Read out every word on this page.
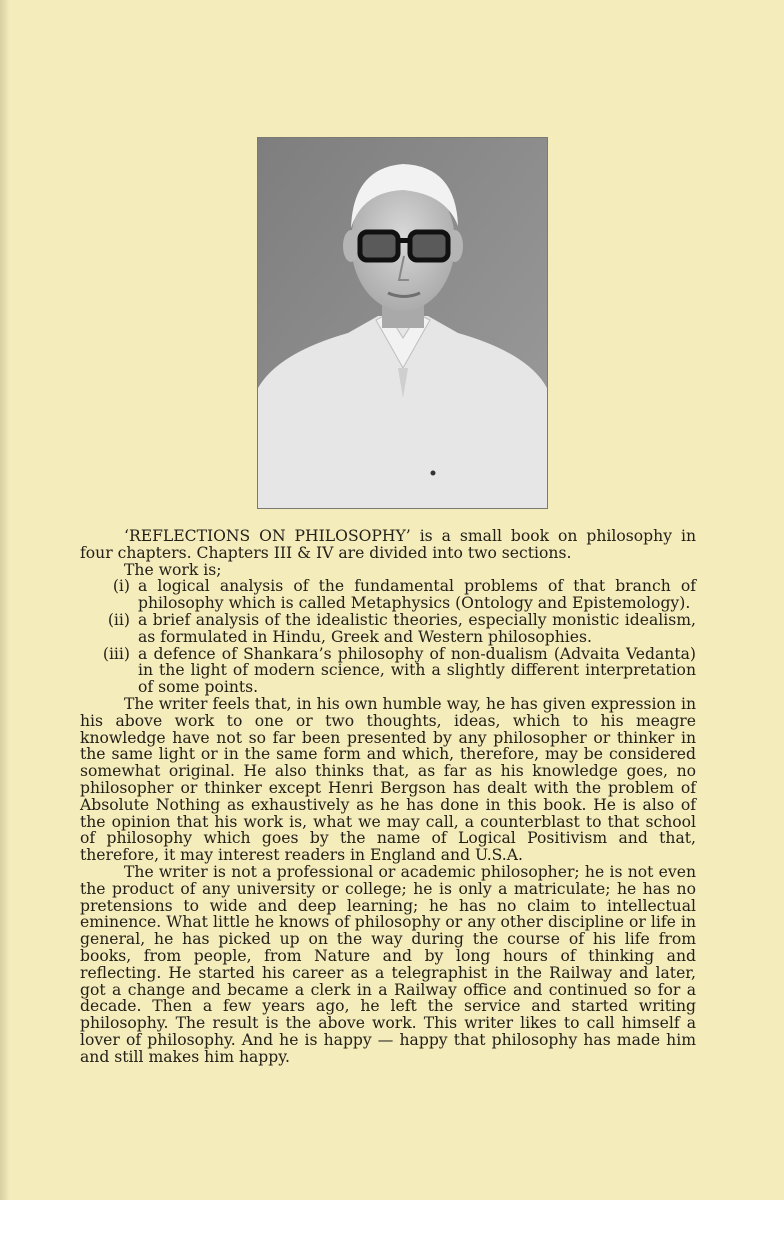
‘REFLECTIONS ON PHILOSOPHY’ is a small book on philosophy in four chapters. Chapters III & IV are divided into two sections.

The work is;

(i) a logical analysis of the fundamental problems of that branch of philosophy which is called Metaphysics (Ontology and Epistemology).
(ii) a brief analysis of the idealistic theories, especially monistic idealism, as formulated in Hindu, Greek and Western philosophies.
(iii) a defence of Shankara’s philosophy of non-dualism (Advaita Vedanta) in the light of modern science, with a slightly different interpretation of some points.

The writer feels that, in his own humble way, he has given expression in his above work to one or two thoughts, ideas, which to his meagre knowledge have not so far been presented by any philosopher or thinker in the same light or in the same form and which, therefore, may be considered somewhat original. He also thinks that, as far as his knowledge goes, no philosopher or thinker except Henri Bergson has dealt with the problem of Absolute Nothing as exhaustively as he has done in this book. He is also of the opinion that his work is, what we may call, a counterblast to that school of philosophy which goes by the name of Logical Positivism and that, therefore, it may interest readers in England and U.S.A.

The writer is not a professional or academic philosopher; he is not even the product of any university or college; he is only a matriculate; he has no pretensions to wide and deep learning; he has no claim to intellectual eminence. What little he knows of philosophy or any other discipline or life in general, he has picked up on the way during the course of his life from books, from people, from Nature and by long hours of thinking and reflecting. He started his career as a telegraphist in the Railway and later, got a change and became a clerk in a Railway office and continued so for a decade. Then a few years ago, he left the service and started writing philosophy. The result is the above work. This writer likes to call himself a lover of philosophy. And he is happy — happy that philosophy has made him and still makes him happy.
